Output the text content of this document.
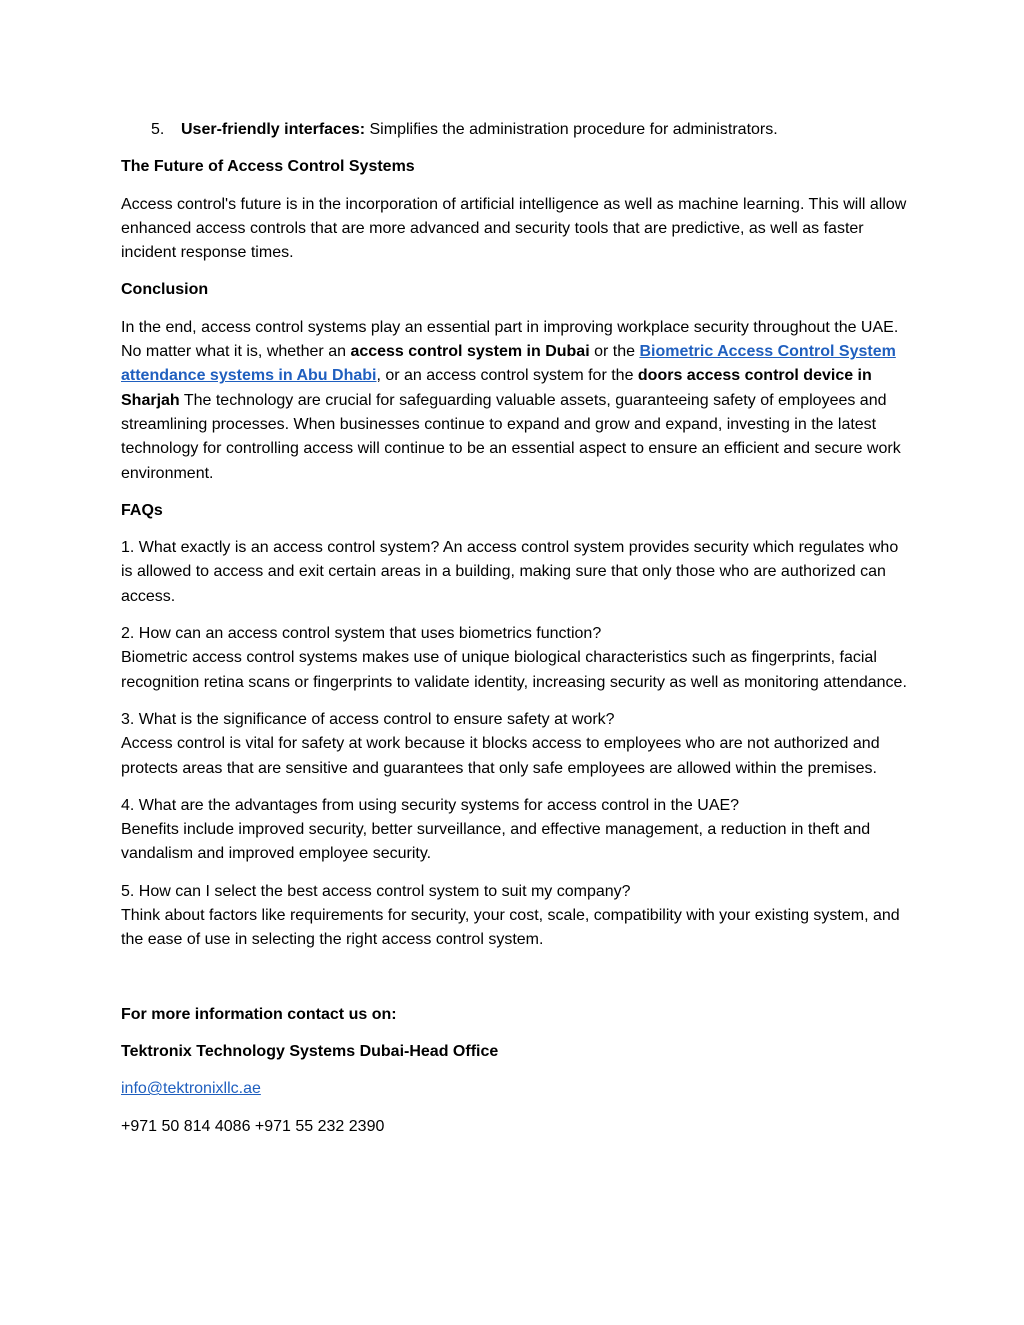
5. User-friendly interfaces: Simplifies the administration procedure for administrators.

The Future of Access Control Systems

Access control's future is in the incorporation of artificial intelligence as well as machine learning. This will allow enhanced access controls that are more advanced and security tools that are predictive, as well as faster incident response times.

Conclusion

In the end, access control systems play an essential part in improving workplace security throughout the UAE. No matter what it is, whether an access control system in Dubai or the Biometric Access Control System attendance systems in Abu Dhabi, or an access control system for the doors access control device in Sharjah The technology are crucial for safeguarding valuable assets, guaranteeing safety of employees and streamlining processes. When businesses continue to expand and grow and expand, investing in the latest technology for controlling access will continue to be an essential aspect to ensure an efficient and secure work environment.

FAQs

1. What exactly is an access control system? An access control system provides security which regulates who is allowed to access and exit certain areas in a building, making sure that only those who are authorized can access.

2. How can an access control system that uses biometrics function?
Biometric access control systems makes use of unique biological characteristics such as fingerprints, facial recognition retina scans or fingerprints to validate identity, increasing security as well as monitoring attendance.

3. What is the significance of access control to ensure safety at work?
Access control is vital for safety at work because it blocks access to employees who are not authorized and protects areas that are sensitive and guarantees that only safe employees are allowed within the premises.

4. What are the advantages from using security systems for access control in the UAE?
Benefits include improved security, better surveillance, and effective management, a reduction in theft and vandalism and improved employee security.

5. How can I select the best access control system to suit my company?
Think about factors like requirements for security, your cost, scale, compatibility with your existing system, and the ease of use in selecting the right access control system.

For more information contact us on:

Tektronix Technology Systems Dubai-Head Office

info@tektronixllc.ae

+971 50 814 4086 +971 55 232 2390
